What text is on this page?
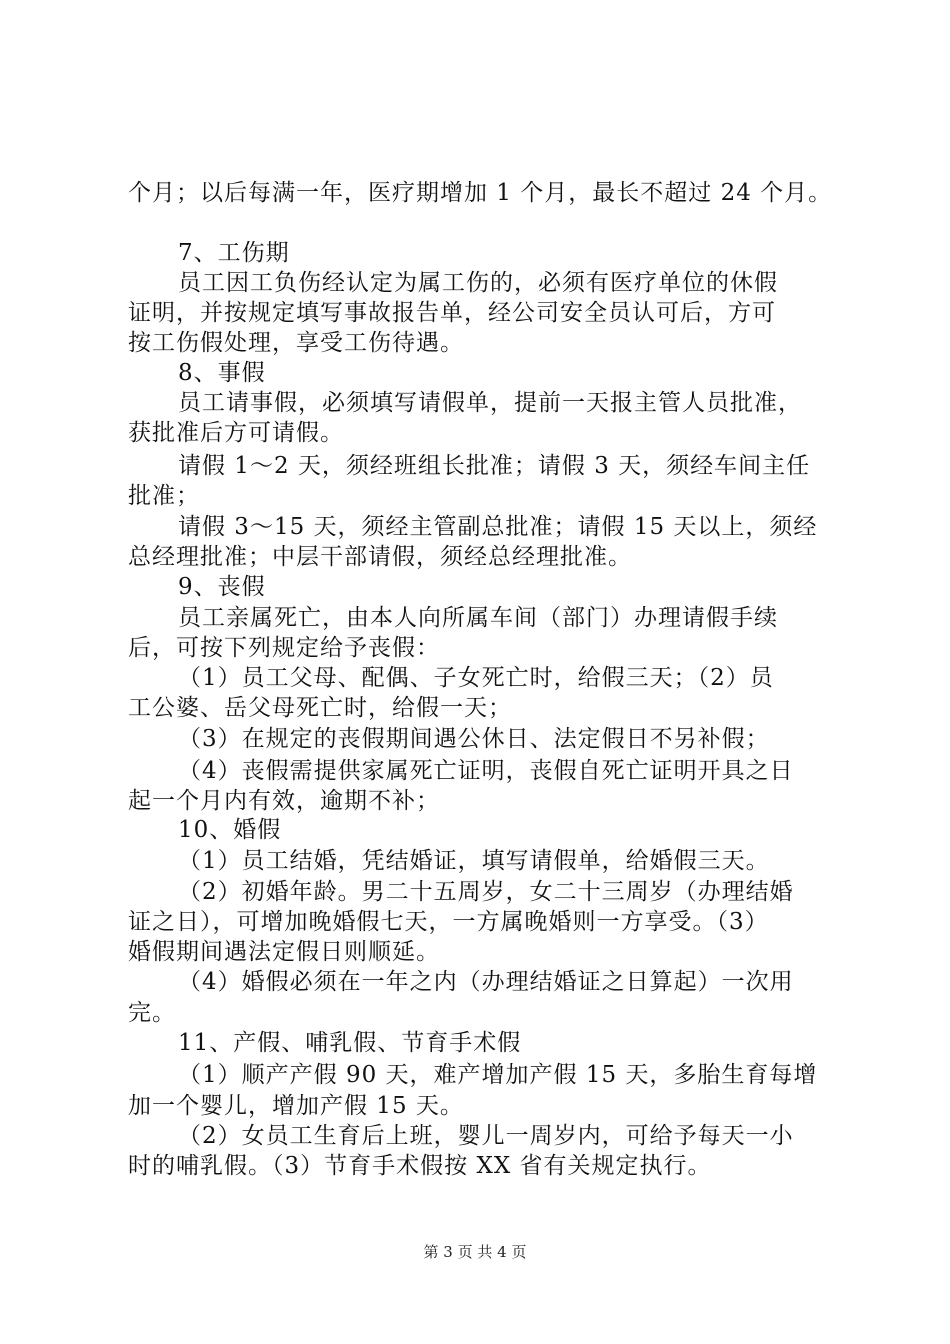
个月；以后每满一年，医疗期增加 1 个月，最长不超过 24 个月。
7、工伤期
员工因工负伤经认定为属工伤的，必须有医疗单位的休假
证明，并按规定填写事故报告单，经公司安全员认可后，方可
按工伤假处理，享受工伤待遇。
8、事假
员工请事假，必须填写请假单，提前一天报主管人员批准，
获批准后方可请假。
请假 1～2 天，须经班组长批准；请假 3 天，须经车间主任
批准；
请假 3～15 天，须经主管副总批准；请假 15 天以上，须经
总经理批准；中层干部请假，须经总经理批准。
9、丧假
员工亲属死亡，由本人向所属车间（部门）办理请假手续
后，可按下列规定给予丧假：
（1）员工父母、配偶、子女死亡时，给假三天；（2）员
工公婆、岳父母死亡时，给假一天；
（3）在规定的丧假期间遇公休日、法定假日不另补假；
（4）丧假需提供家属死亡证明，丧假自死亡证明开具之日
起一个月内有效，逾期不补；
10、婚假
（1）员工结婚，凭结婚证，填写请假单，给婚假三天。
（2）初婚年龄。男二十五周岁，女二十三周岁（办理结婚
证之日），可增加晚婚假七天，一方属晚婚则一方享受。（3）
婚假期间遇法定假日则顺延。
（4）婚假必须在一年之内（办理结婚证之日算起）一次用
完。
11、产假、哺乳假、节育手术假
（1）顺产产假 90 天，难产增加产假 15 天，多胎生育每增
加一个婴儿，增加产假 15 天。
（2）女员工生育后上班，婴儿一周岁内，可给予每天一小
时的哺乳假。（3）节育手术假按 XX 省有关规定执行。
第 3 页 共 4 页
